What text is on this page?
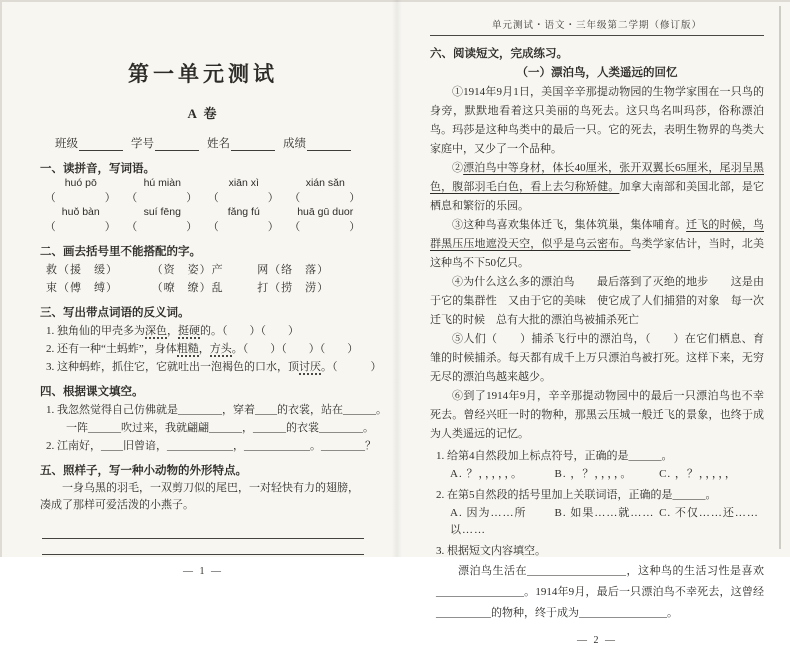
第一单元测试
A 卷
班级	学号	姓名	成绩
一、读拼音，写词语。
huó pō	hú miàn	xiān xì	xián sǎn
（　　　　） （　　　　） （　　　　） （　　　　）
huǒ bàn	suí fēng	fǎng fú	huā gū duor
（　　　　） （　　　　） （　　　　） （　　　　）
二、画去括号里不能搭配的字。
救（援　缓）	（资　姿）产	网（络　落）
束（傅　缚）	（嘹　缭）乱	打（捞　涝）
三、写出带点词语的反义词。
1. 独角仙的甲壳多为深色，挺硬的。（　　）（　　）
2. 还有一种“土蚂蚱”，身体粗糙，方头。（　　）（　　）（　　）
3. 这种蚂蚱，抓住它，它就吐出一泡褐色的口水，顶讨厌。（　　　）
四、根据课文填空。
1. 我忽然觉得自己仿佛就是________，穿着____的衣裳，站在______。
一阵______吹过来，我就翩翩______，______的衣裳________。
2. 江南好，____旧曾谙，____________，____________。________？
五、照样子，写一种小动物的外形特点。
一身乌黑的羽毛，一双剪刀似的尾巴，一对轻快有力的翅膀，凑成了那样可爱活泼的小燕子。
— 1 —
单元测试・语文・三年级第二学期（修订版）
六、阅读短文，完成练习。
（一）漂泊鸟，人类遥远的回忆

①1914年9月1日，美国辛辛那提动物园的生物学家围在一只鸟的身旁，默默地看着这只美丽的鸟死去。这只鸟名叫玛莎，俗称漂泊鸟。玛莎是这种鸟类中的最后一只。它的死去，表明生物界的鸟类大家庭中，又少了一个品种。

②漂泊鸟中等身材，体长40厘米，张开双翼长65厘米，尾羽呈黑色，腹部羽毛白色，看上去匀称矫健。加拿大南部和美国北部，是它栖息和繁衍的乐园。

③这种鸟喜欢集体迁飞，集体筑巢，集体哺育。迁飞的时候，鸟群黑压压地遮没天空，似乎是乌云密布。鸟类学家估计，当时，北美这种鸟不下50亿只。

④为什么这么多的漂泊鸟　　最后落到了灭绝的地步　　这是由于它的集群性　又由于它的美味　使它成了人们捕猎的对象　每一次迁飞的时候　总有大批的漂泊鸟被捕杀死亡

⑤人们（　　）捕杀飞行中的漂泊鸟，（　　）在它们栖息、育雏的时候捕杀。每天都有成千上万只漂泊鸟被打死。这样下来，无穷无尽的漂泊鸟越来越少。

⑥到了1914年9月，辛辛那提动物园中的最后一只漂泊鸟也不幸死去。曾经兴旺一时的物种，那黑云压城一般迁飞的景象，也终于成为人类遥远的记忆。

1. 给第4自然段加上标点符号，正确的是______。
A. ？，，，，，。	B. ，？，，，，。	C. ，？，，，，，
2. 在第5自然段的括号里加上关联词语，正确的是______。
A. 因为……所以……
B. 如果……就…… C. 不仅……还……
3. 根据短文内容填空。
漂泊鸟生活在__________________，这种鸟的生活习性是喜欢________________。1914年9月，最后一只漂泊鸟不幸死去，这曾经__________的物种，终于成为________________。
— 2 —
